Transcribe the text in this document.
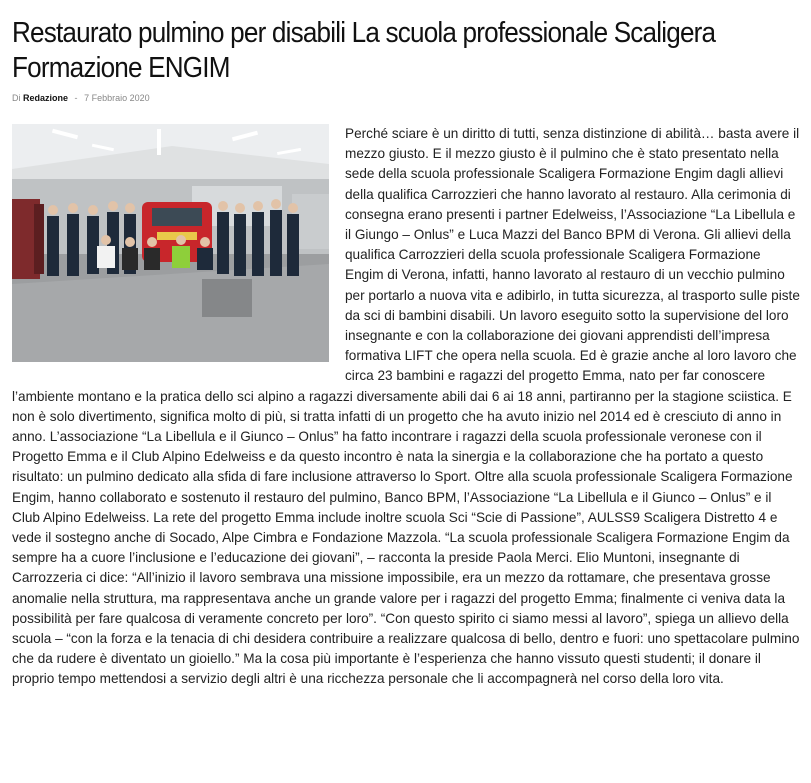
Restaurato pulmino per disabili La scuola professionale Scaligera Formazione ENGIM
Di Redazione - 7 Febbraio 2020
Perché sciare è un diritto di tutti, senza distinzione di abilità… basta avere il mezzo giusto. E il mezzo giusto è il pulmino che è stato presentato nella sede della scuola professionale Scaligera Formazione Engim dagli allievi della qualifica Carrozzieri che hanno lavorato al restauro. Alla cerimonia di consegna erano presenti i partner Edelweiss, l’Associazione “La Libellula e il Giungo – Onlus” e Luca Mazzi del Banco BPM di Verona. Gli allievi della qualifica Carrozzieri della scuola professionale Scaligera Formazione Engim di Verona, infatti, hanno lavorato al restauro di un vecchio pulmino per portarlo a nuova vita e adibirlo, in tutta sicurezza, al trasporto sulle piste da sci di bambini disabili. Un lavoro eseguito sotto la supervisione del loro insegnante e con la collaborazione dei giovani apprendisti dell’impresa formativa LIFT che opera nella scuola. Ed è grazie anche al loro lavoro che circa 23 bambini e ragazzi del progetto Emma, nato per far conoscere l’ambiente montano e la pratica dello sci alpino a ragazzi diversamente abili dai 6 ai 18 anni, partiranno per la stagione sciistica. E non è solo divertimento, significa molto di più, si tratta infatti di un progetto che ha avuto inizio nel 2014 ed è cresciuto di anno in anno. L’associazione “La Libellula e il Giunco – Onlus” ha fatto incontrare i ragazzi della scuola professionale veronese con il Progetto Emma e il Club Alpino Edelweiss e da questo incontro è nata la sinergia e la collaborazione che ha portato a questo risultato: un pulmino dedicato alla sfida di fare inclusione attraverso lo Sport. Oltre alla scuola professionale Scaligera Formazione Engim, hanno collaborato e sostenuto il restauro del pulmino, Banco BPM, l’Associazione “La Libellula e il Giunco – Onlus” e il Club Alpino Edelweiss. La rete del progetto Emma include inoltre scuola Sci “Scie di Passione”, AULSS9 Scaligera Distretto 4 e vede il sostegno anche di Socado, Alpe Cimbra e Fondazione Mazzola. “La scuola professionale Scaligera Formazione Engim da sempre ha a cuore l’inclusione e l’educazione dei giovani”, – racconta la preside Paola Merci. Elio Muntoni, insegnante di Carrozzeria ci dice: “All’inizio il lavoro sembrava una missione impossibile, era un mezzo da rottamare, che presentava grosse anomalie nella struttura, ma rappresentava anche un grande valore per i ragazzi del progetto Emma; finalmente ci veniva data la possibilità per fare qualcosa di veramente concreto per loro”. “Con questo spirito ci siamo messi al lavoro”, spiega un allievo della scuola – “con la forza e la tenacia di chi desidera contribuire a realizzare qualcosa di bello, dentro e fuori: uno spettacolare pulmino che da rudere è diventato un gioiello.” Ma la cosa più importante è l’esperienza che hanno vissuto questi studenti; il donare il proprio tempo mettendosi a servizio degli altri è una ricchezza personale che li accompagnerà nel corso della loro vita.
